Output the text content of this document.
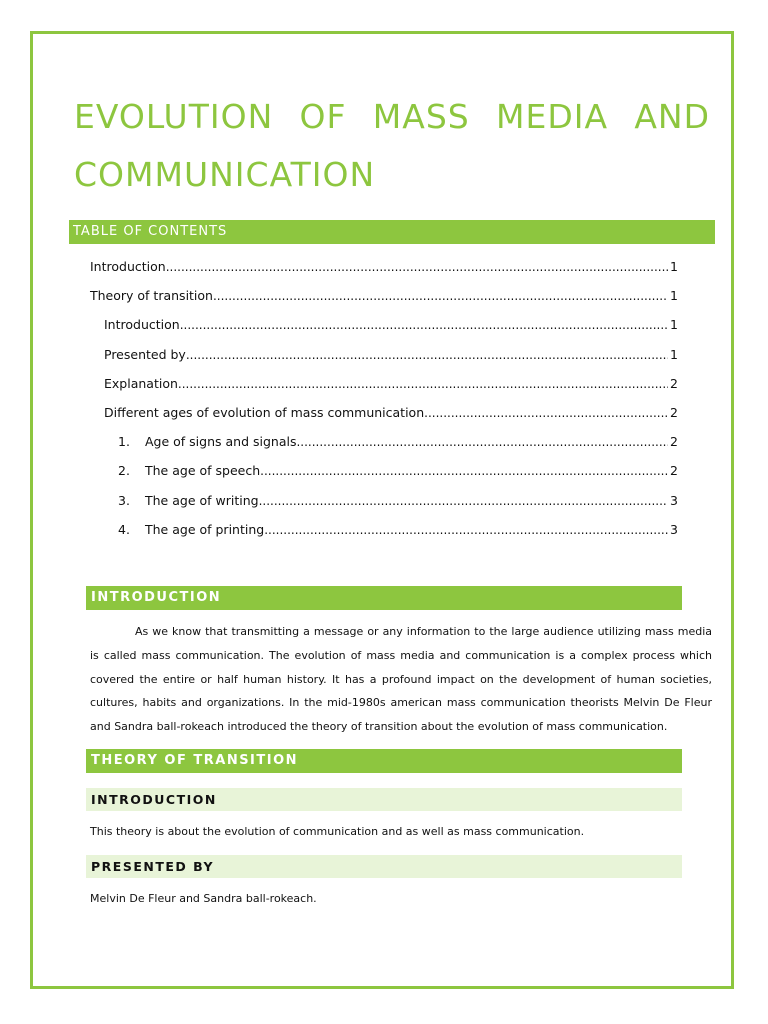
EVOLUTION OF MASS MEDIA AND COMMUNICATION
TABLE OF CONTENTS
Introduction .....	1
Theory of transition .....	1
Introduction .....	1
Presented by .....	1
Explanation .....	2
Different ages of evolution of mass communication .....	2
1.	Age of signs and signals .....	2
2.	The age of speech .....	2
3.	The age of writing .....	3
4.	The age of printing .....	3
INTRODUCTION

As we know that transmitting a message or any information to the large audience utilizing mass media is called mass communication. The evolution of mass media and communication is a complex process which covered the entire or half human history. It has a profound impact on the development of human societies, cultures, habits and organizations. In the mid-1980s american mass communication theorists Melvin De Fleur and Sandra ball-rokeach introduced the theory of transition about the evolution of mass communication.

THEORY OF TRANSITION
INTRODUCTION

This theory is about the evolution of communication and as well as mass communication.

PRESENTED BY

Melvin De Fleur and Sandra ball-rokeach.
